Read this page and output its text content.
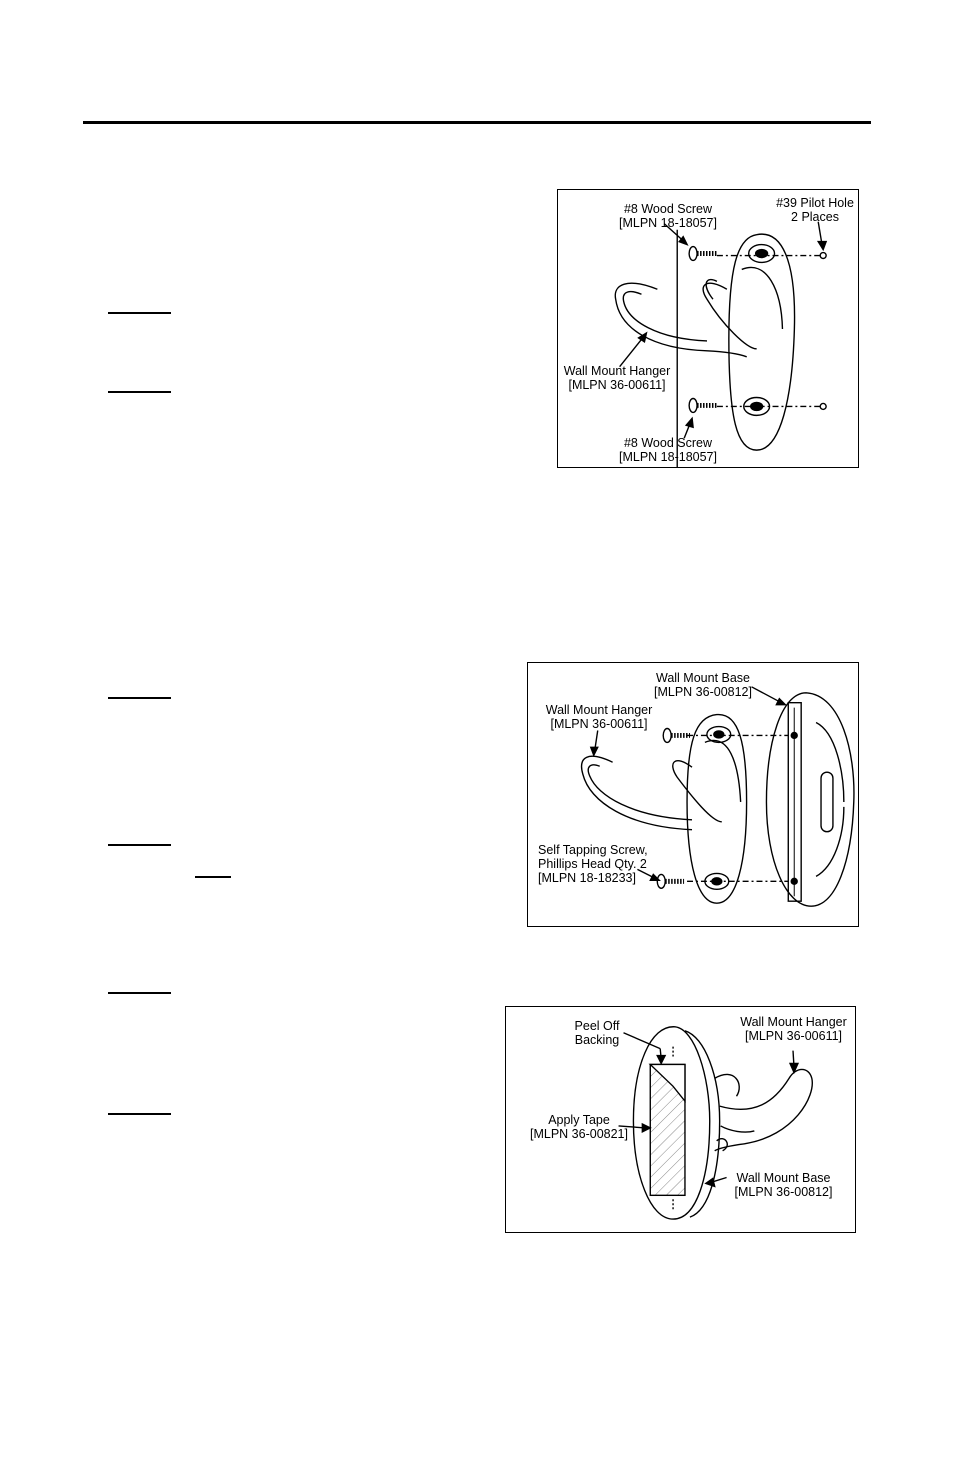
#8 Wood Screw
[MLPN 18-18057]
#39 Pilot Hole
2 Places
Wall Mount Hanger
[MLPN 36-00611]
#8 Wood Screw
[MLPN 18-18057]
Wall Mount Base
[MLPN 36-00812]
Wall Mount Hanger
[MLPN 36-00611]
Self Tapping Screw,
Phillips Head Qty. 2
[MLPN 18-18233]
Peel Off
Backing
Wall Mount Hanger
[MLPN 36-00611]
Apply Tape
[MLPN 36-00821]
Wall Mount Base
[MLPN 36-00812]
